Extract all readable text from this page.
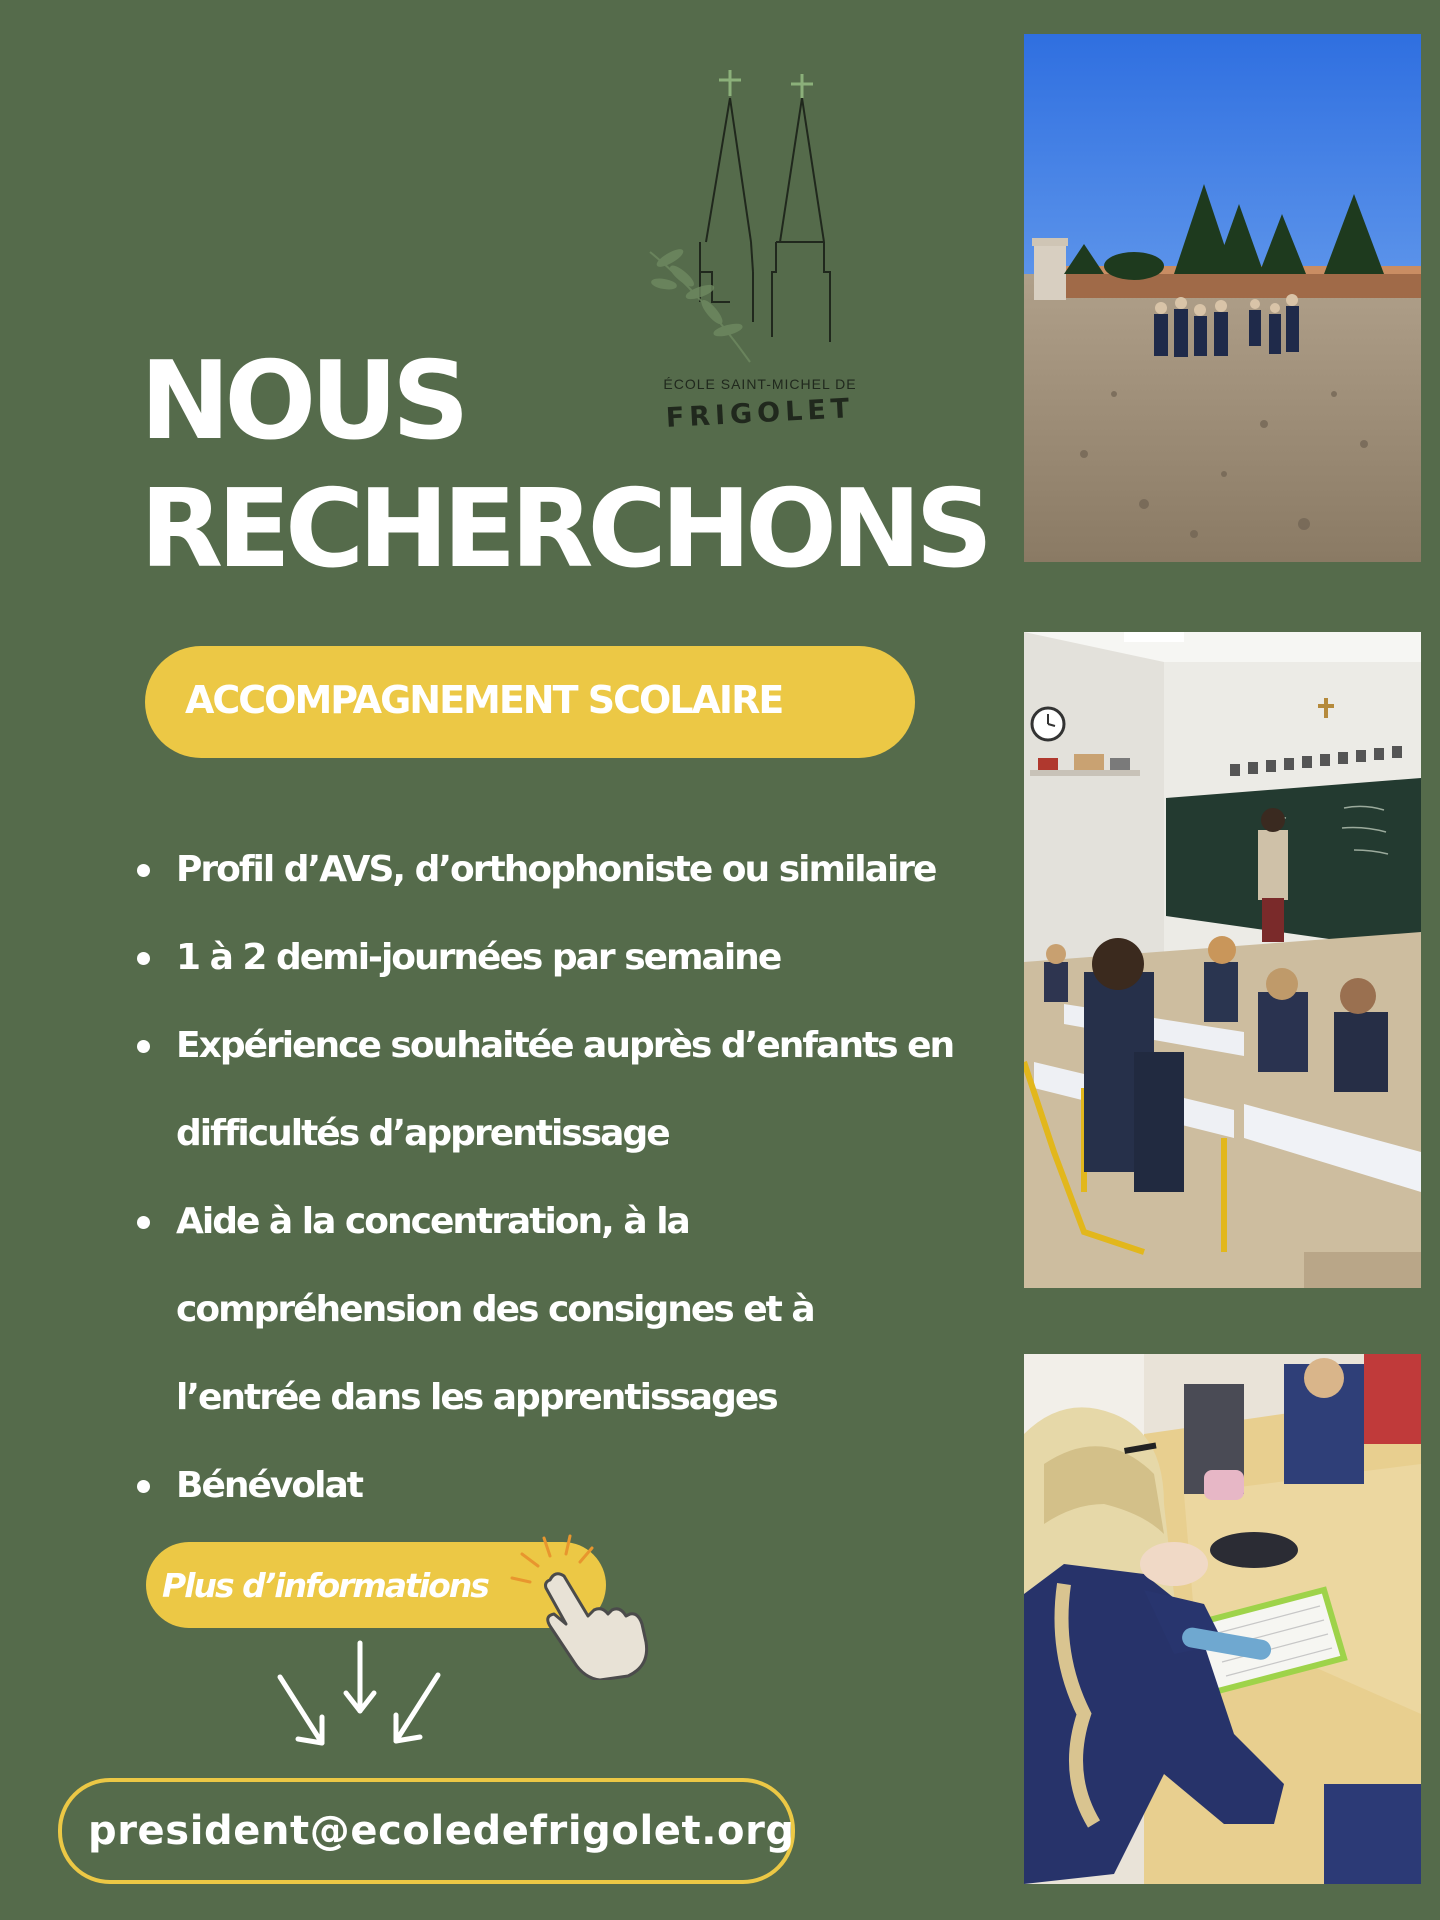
ÉCOLE SAINT-MICHEL DE
FRIGOLET
NOUS
RECHERCHONS
ACCOMPAGNEMENT SCOLAIRE
Profil d’AVS, d’orthophoniste ou similaire
1 à 2 demi-journées par semaine
Expérience souhaitée auprès d’enfants en
difficultés d’apprentissage
Aide à la concentration, à la
compréhension des consignes et à
l’entrée dans les apprentissages
Bénévolat
Plus d’informations
president@ecoledefrigolet.org
